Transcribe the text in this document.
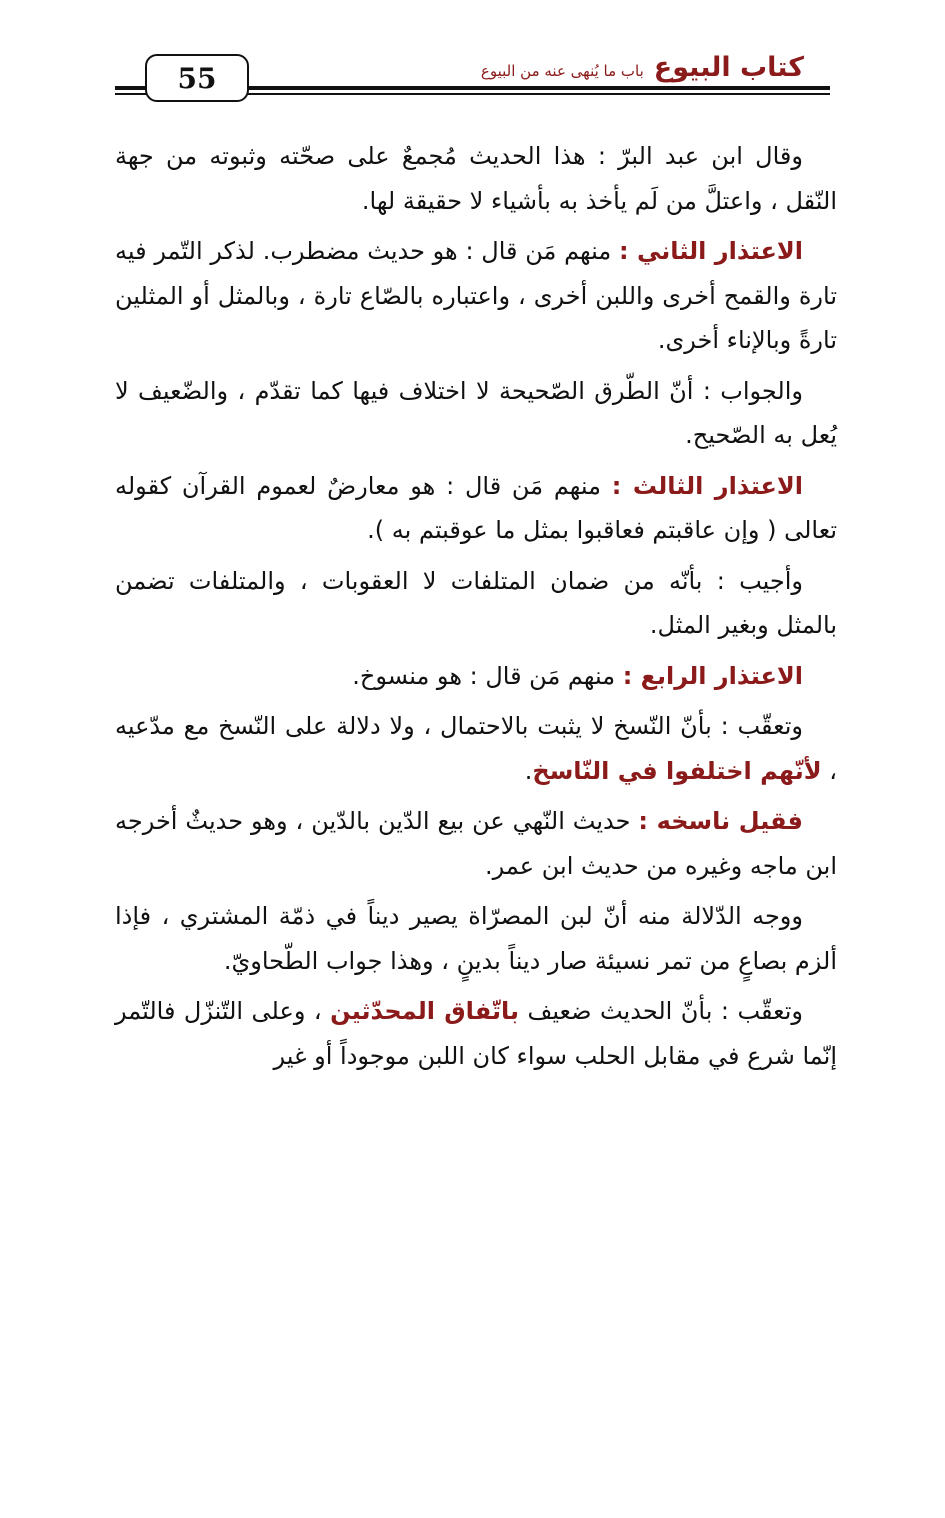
55	كتاب البيوع
باب ما يُنهى عنه من البيوع

وقال ابن عبد البرّ : هذا الحديث مُجمعٌ على صحّته وثبوته من جهة النّقل ، واعتلَّ من لَم يأخذ به بأشياء لا حقيقة لها.

الاعتذار الثاني : منهم مَن قال : هو حديث مضطرب. لذكر التّمر فيه تارة والقمح أخرى واللبن أخرى ، واعتباره بالصّاع تارة ، وبالمثل أو المثلين تارةً وبالإناء أخرى.

والجواب : أنّ الطّرق الصّحيحة لا اختلاف فيها كما تقدّم ، والضّعيف لا يُعل به الصّحيح.

الاعتذار الثالث : منهم مَن قال : هو معارضٌ لعموم القرآن كقوله تعالى ( وإن عاقبتم فعاقبوا بمثل ما عوقبتم به ).

وأجيب : بأنّه من ضمان المتلفات لا العقوبات ، والمتلفات تضمن بالمثل وبغير المثل.

الاعتذار الرابع : منهم مَن قال : هو منسوخ.

وتعقّب : بأنّ النّسخ لا يثبت بالاحتمال ، ولا دلالة على النّسخ مع مدّعيه ، لأنّهم اختلفوا في النّاسخ.

فقيل ناسخه : حديث النّهي عن بيع الدّين بالدّين ، وهو حديثٌ أخرجه ابن ماجه وغيره من حديث ابن عمر.

ووجه الدّلالة منه أنّ لبن المصرّاة يصير ديناً في ذمّة المشتري ، فإذا ألزم بصاعٍ من تمر نسيئة صار ديناً بدينٍ ، وهذا جواب الطّحاويّ.

وتعقّب : بأنّ الحديث ضعيف باتّفاق المحدّثين ، وعلى التّنزّل فالتّمر إنّما شرع في مقابل الحلب سواء كان اللبن موجوداً أو غير
